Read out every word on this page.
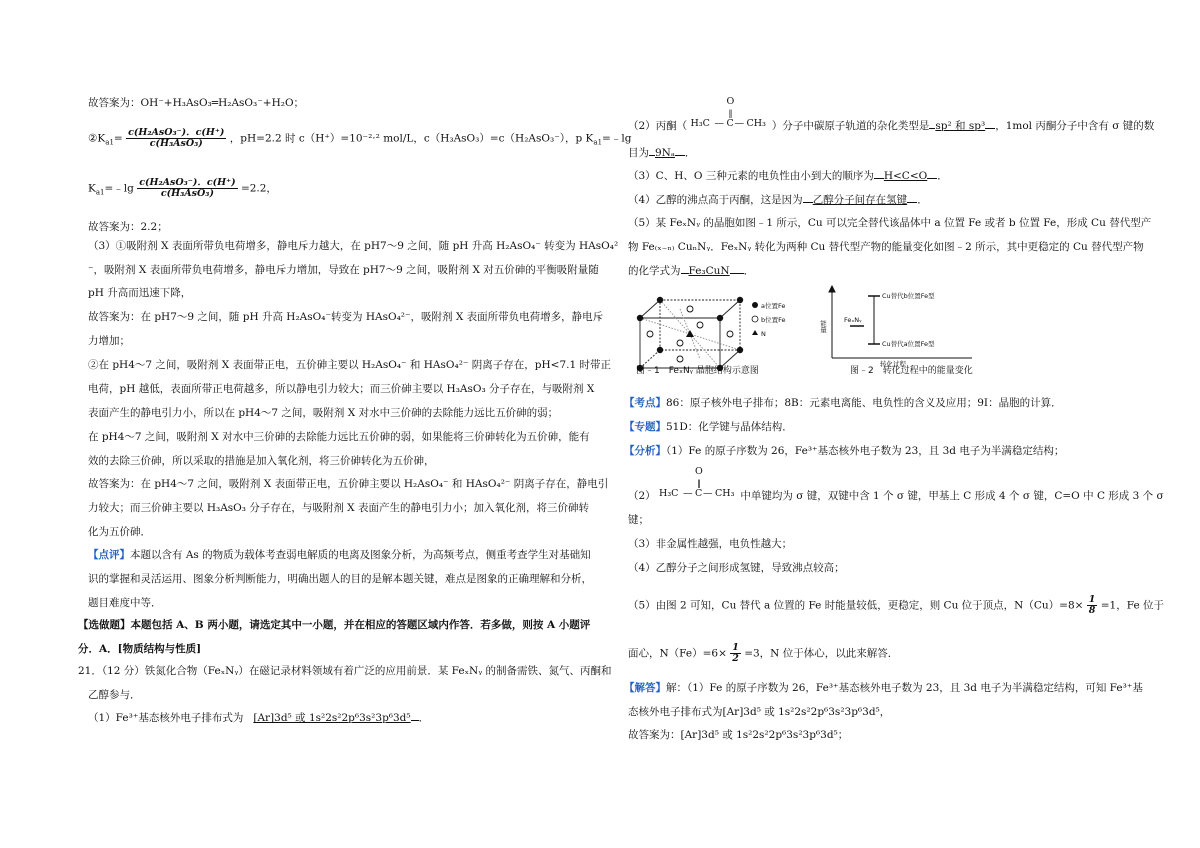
故答案为：OH⁻+H₃AsO₃═H₂AsO₃⁻+H₂O；
$②K_{a1}= \frac{\text{c(H₂AsO₃⁻)．c(H⁺)}}{\text{c(H₃AsO₃)}}$ ，pH=2.2 时 c（H⁺）=10⁻²·² mol/L，c（H₃AsO₃）=c（H₂AsO₃⁻），p $K_{a1}=﹣\lg$
$K_{a1}=﹣\lg \frac{\text{c(H₂AsO₃⁻)．c(H⁺)}}{\text{c(H₃AsO₃)}} =2.2$，
故答案为：2.2；
（3）①吸附剂 X 表面所带负电荷增多，静电斥力越大，在 pH7～9 之间，随 pH 升高 H₂AsO₄⁻ 转变为 HAsO₄²
⁻，吸附剂 X 表面所带负电荷增多，静电斥力增加，导致在 pH7～9 之间，吸附剂 X 对五价砷的平衡吸附量随
pH 升高而迅速下降，
故答案为：在 pH7～9 之间，随 pH 升高 H₂AsO₄⁻转变为 HAsO₄²⁻，吸附剂 X 表面所带负电荷增多，静电斥
力增加；
②在 pH4～7 之间，吸附剂 X 表面带正电，五价砷主要以 H₂AsO₄⁻ 和 HAsO₄²⁻ 阴离子存在，pH<7.1 时带正
电荷，pH 越低，表面所带正电荷越多，所以静电引力较大；而三价砷主要以 H₃AsO₃ 分子存在，与吸附剂 X
表面产生的静电引力小，所以在 pH4～7 之间，吸附剂 X 对水中三价砷的去除能力远比五价砷的弱；
在 pH4～7 之间，吸附剂 X 对水中三价砷的去除能力远比五价砷的弱，如果能将三价砷转化为五价砷，能有
效的去除三价砷，所以采取的措施是加入氧化剂，将三价砷转化为五价砷，
故答案为：在 pH4～7 之间，吸附剂 X 表面带正电，五价砷主要以 H₂AsO₄⁻ 和 HAsO₄²⁻ 阴离子存在，静电引
力较大；而三价砷主要以 H₃AsO₃ 分子存在，与吸附剂 X 表面产生的静电引力小；加入氧化剂，将三价砷转
化为五价砷．
【点评】本题以含有 As 的物质为载体考查弱电解质的电离及图象分析，为高频考点，侧重考查学生对基础知
识的掌握和灵活运用、图象分析判断能力，明确出题人的目的是解本题关键，难点是图象的正确理解和分析，
题目难度中等．
【选做题】本题包括 A、B 两小题，请选定其中一小题，并在相应的答题区域内作答．若多做，则按 A 小题评
分．A．[物质结构与性质]
21．（12 分）铁氮化合物（FeₓNᵧ）在磁记录材料领域有着广泛的应用前景．某 FeₓNᵧ 的制备需铁、氮气、丙酮和
乙醇参与．
（1）Fe³⁺基态核外电子排布式为 [Ar]3d⁵ 或 1s²2s²2p⁶3s²3p⁶3d⁵ ．
（2）丙酮（
O
‖
H₃C — C — CH₃ ）分子中碳原子轨道的杂化类型是 sp² 和 sp³ ，1mol 丙酮分子中含有 σ 键的数
目为 9Nₐ ．
（3）C、H、O 三种元素的电负性由小到大的顺序为 H<C<O ．
（4）乙醇的沸点高于丙酮，这是因为 乙醇分子间存在氢键 ．
（5）某 FeₓNᵧ 的晶胞如图﹣1 所示，Cu 可以完全替代该晶体中 a 位置 Fe 或者 b 位置 Fe，形成 Cu 替代型产
物 Fe₍ₓ₋ₙ₎ CuₙNᵧ．FeₓNᵧ 转化为两种 Cu 替代型产物的能量变化如图﹣2 所示，其中更稳定的 Cu 替代型产物
的化学式为 Fe₃CuN ．
a位置Fe
b位置Fe
N
图﹣1　FeₓNᵧ 晶胞结构示意图
Cu替代b位置Fe型
Cu替代a位置Fe型
能量	FeₓNᵧ
转化过程
图﹣2　转化过程中的能量变化
【考点】86：原子核外电子排布；8B：元素电离能、电负性的含义及应用；9I：晶胞的计算．
【专题】51D：化学键与晶体结构．
【分析】（1）Fe 的原子序数为 26，Fe³⁺基态核外电子数为 23，且 3d 电子为半满稳定结构；
（2）
O
‖
H₃C — C — CH₃ 中单键均为 σ 键，双键中含 1 个 σ 键，甲基上 C 形成 4 个 σ 键，C=O 中 C 形成 3 个 σ
键；
（3）非金属性越强，电负性越大；
（4）乙醇分子之间形成氢键，导致沸点较高；
（5）由图 2 可知，Cu 替代 a 位置的 Fe 时能量较低，更稳定，则 Cu 位于顶点，$N(Cu)=8\times \frac{1}{8} =1$，Fe 位于
面心，$N(Fe)=6\times \frac{1}{2} =3$，N 位于体心，以此来解答．
【解答】解：（1）Fe 的原子序数为 26，Fe³⁺基态核外电子数为 23，且 3d 电子为半满稳定结构，可知 Fe³⁺基
态核外电子排布式为[Ar]3d⁵ 或 1s²2s²2p⁶3s²3p⁶3d⁵，
故答案为：[Ar]3d⁵ 或 1s²2s²2p⁶3s²3p⁶3d⁵；
